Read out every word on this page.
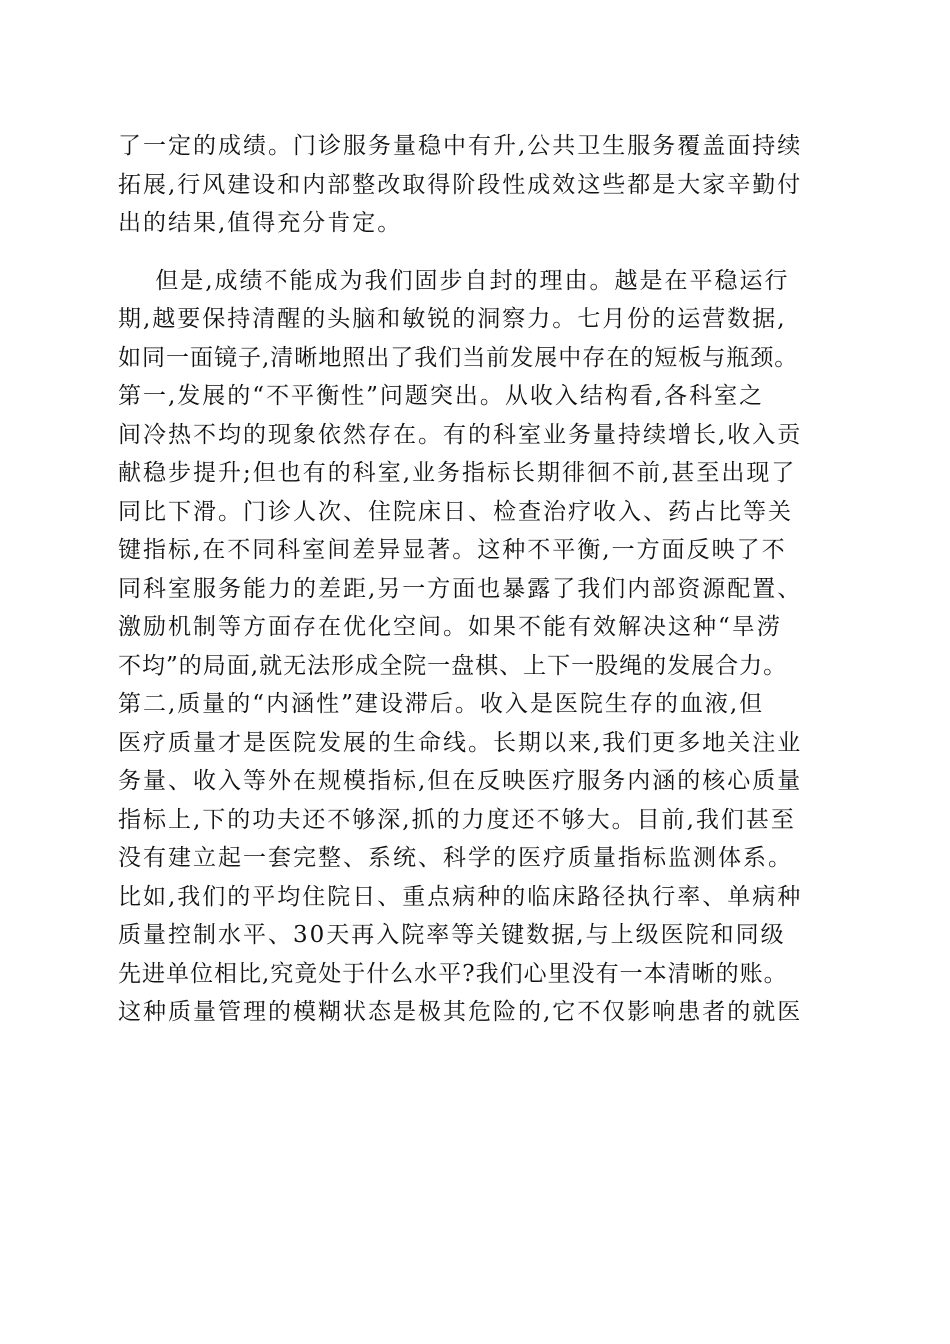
了一定的成绩。门诊服务量稳中有升,公共卫生服务覆盖面持续
拓展,行风建设和内部整改取得阶段性成效这些都是大家辛勤付
出的结果,值得充分肯定。
但是,成绩不能成为我们固步自封的理由。越是在平稳运行
期,越要保持清醒的头脑和敏锐的洞察力。七月份的运营数据,
如同一面镜子,清晰地照出了我们当前发展中存在的短板与瓶颈。
第一,发展的“不平衡性”问题突出。从收入结构看,各科室之
间冷热不均的现象依然存在。有的科室业务量持续增长,收入贡
献稳步提升;但也有的科室,业务指标长期徘徊不前,甚至出现了
同比下滑。门诊人次、住院床日、检查治疗收入、药占比等关
键指标,在不同科室间差异显著。这种不平衡,一方面反映了不
同科室服务能力的差距,另一方面也暴露了我们内部资源配置、
激励机制等方面存在优化空间。如果不能有效解决这种“旱涝
不均”的局面,就无法形成全院一盘棋、上下一股绳的发展合力。
第二,质量的“内涵性”建设滞后。收入是医院生存的血液,但
医疗质量才是医院发展的生命线。长期以来,我们更多地关注业
务量、收入等外在规模指标,但在反映医疗服务内涵的核心质量
指标上,下的功夫还不够深,抓的力度还不够大。目前,我们甚至
没有建立起一套完整、系统、科学的医疗质量指标监测体系。
比如,我们的平均住院日、重点病种的临床路径执行率、单病种
质量控制水平、30天再入院率等关键数据,与上级医院和同级
先进单位相比,究竟处于什么水平?我们心里没有一本清晰的账。
这种质量管理的模糊状态是极其危险的,它不仅影响患者的就医
